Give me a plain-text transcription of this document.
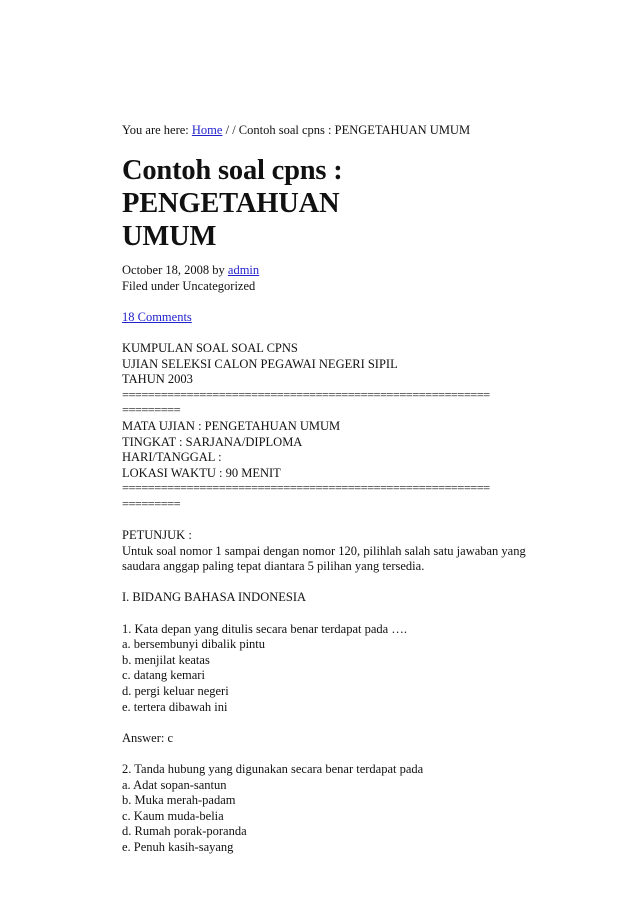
You are here: Home / / Contoh soal cpns : PENGETAHUAN UMUM
Contoh soal cpns : PENGETAHUAN
UMUM
October 18, 2008 by admin
Filed under Uncategorized
18 Comments
KUMPULAN SOAL SOAL CPNS
UJIAN SELEKSI CALON PEGAWAI NEGERI SIPIL
TAHUN 2003
=========================================================
=========
MATA UJIAN : PENGETAHUAN UMUM
TINGKAT : SARJANA/DIPLOMA
HARI/TANGGAL :
LOKASI WAKTU : 90 MENIT
=========================================================
=========
PETUNJUK :
Untuk soal nomor 1 sampai dengan nomor 120, pilihlah salah satu jawaban yang
saudara anggap paling tepat diantara 5 pilihan yang tersedia.
I. BIDANG BAHASA INDONESIA
1. Kata depan yang ditulis secara benar terdapat pada ….
a. bersembunyi dibalik pintu
b. menjilat keatas
c. datang kemari
d. pergi keluar negeri
e. tertera dibawah ini
Answer: c
2. Tanda hubung yang digunakan secara benar terdapat pada
a. Adat sopan-santun
b. Muka merah-padam
c. Kaum muda-belia
d. Rumah porak-poranda
e. Penuh kasih-sayang
